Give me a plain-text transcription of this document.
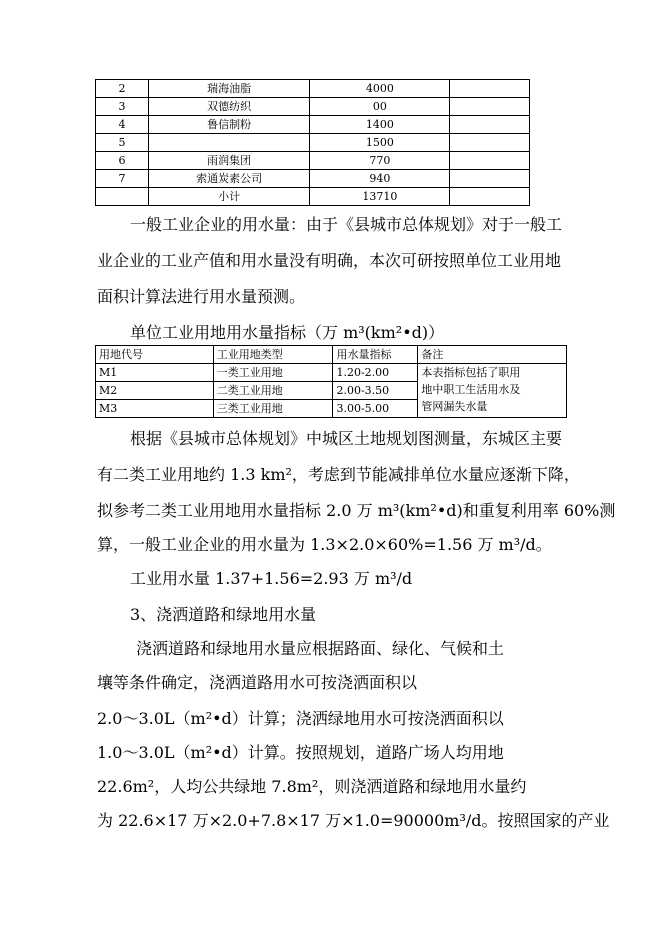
2	瑞海油脂	4000	
3	双德纺织	00	
4	鲁信制粉	1400	
5		1500	
6	雨润集团	770	
7	索通炭素公司	940	
	小计	13710	
一般工业企业的用水量：由于《县城市总体规划》对于一般工
业企业的工业产值和用水量没有明确，本次可研按照单位工业用地
面积计算法进行用水量预测。
单位工业用地用水量指标（万 m³(km²•d)）
用地代号	工业用地类型	用水量指标	备注
M1	一类工业用地	1.20-2.00	本表指标包括了职用
地中职工生活用水及
管网漏失水量

M2	二类工业用地	2.00-3.50	
M3	三类工业用地	3.00-5.00	
根据《县城市总体规划》中城区土地规划图测量，东城区主要
有二类工业用地约 1.3 km²，考虑到节能减排单位水量应逐渐下降，
拟参考二类工业用地用水量指标 2.0 万 m³(km²•d)和重复利用率 60%测
算，一般工业企业的用水量为 1.3×2.0×60%=1.56 万 m³/d。
工业用水量 1.37+1.56=2.93 万 m³/d
3、浇洒道路和绿地用水量
浇洒道路和绿地用水量应根据路面、绿化、气候和土
壤等条件确定，浇洒道路用水可按浇洒面积以
2.0～3.0L（m²•d）计算；浇洒绿地用水可按浇洒面积以
1.0～3.0L（m²•d）计算。按照规划，道路广场人均用地
22.6m²，人均公共绿地 7.8m²，则浇洒道路和绿地用水量约
为 22.6×17 万×2.0+7.8×17 万×1.0=90000m³/d。按照国家的产业
